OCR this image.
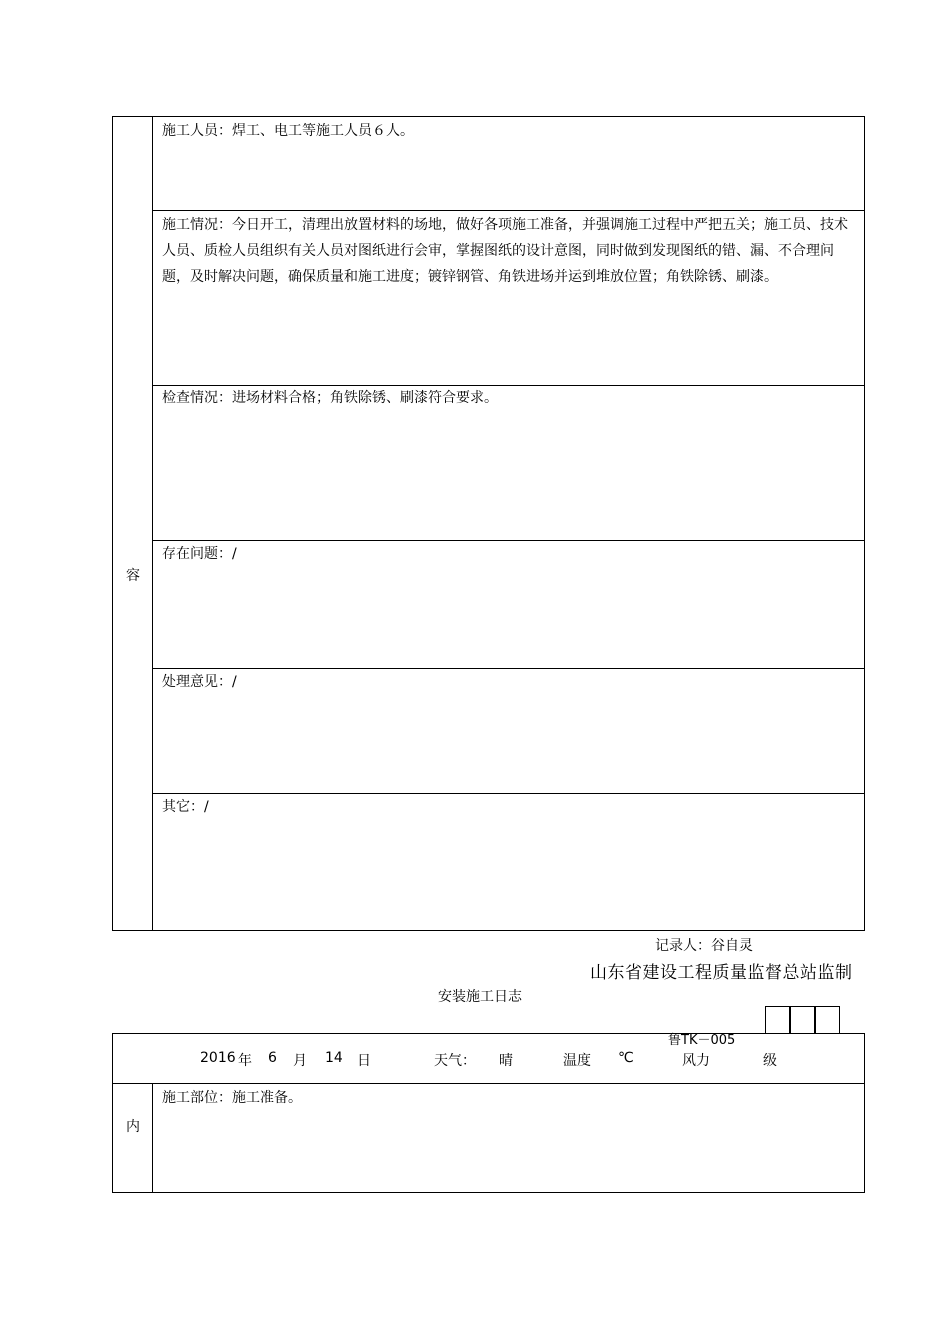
容
施工人员：焊工、电工等施工人员６人。
施工情况：今日开工，清理出放置材料的场地，做好各项施工准备，并强调施工过程中严把五关；施工员、技术人员、质检人员组织有关人员对图纸进行会审，掌握图纸的设计意图，同时做到发现图纸的错、漏、不合理问题，及时解决问题，确保质量和施工进度；镀锌钢管、角铁进场并运到堆放位置；角铁除锈、刷漆。
检查情况：进场材料合格；角铁除锈、刷漆符合要求。
存在问题：/
处理意见：/
其它：/
记录人：谷自灵
山东省建设工程质量监督总站监制
安装施工日志
鲁TK－005
2016 年 6 月 14 日	天气： 晴	温度 ℃	风力	级
内
施工部位：施工准备。
